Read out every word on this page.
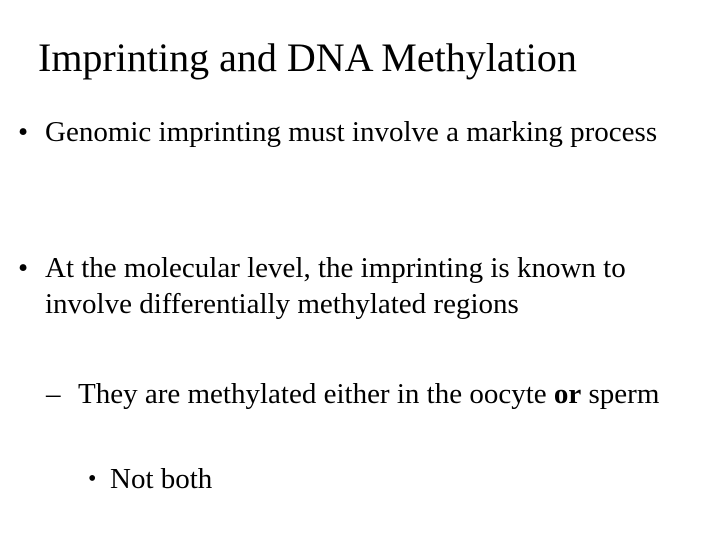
Imprinting and DNA Methylation
• Genomic imprinting must involve a marking process
• At the molecular level, the imprinting is known to involve differentially methylated regions
– They are methylated either in the oocyte or sperm
• Not both
